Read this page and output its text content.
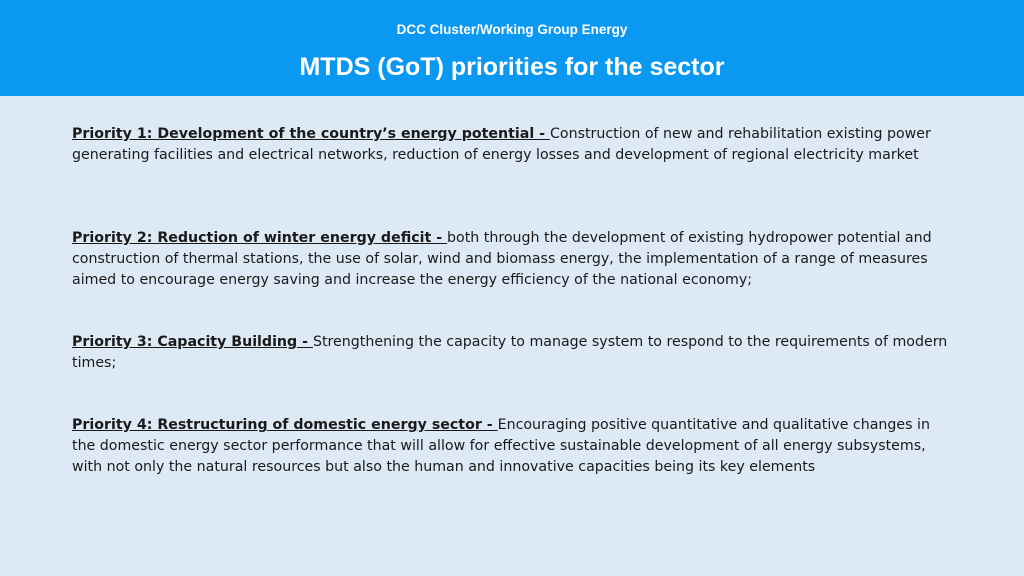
DCC Cluster/Working Group Energy
MTDS (GoT) priorities for the sector
Priority 1: Development of the country’s energy potential - Construction of new and rehabilitation existing power generating facilities and electrical networks, reduction of energy losses and development of regional electricity market
Priority 2: Reduction of winter energy deficit - both through the development of existing hydropower potential and construction of thermal stations, the use of solar, wind and biomass energy, the implementation of a range of measures aimed to encourage energy saving and increase the energy efficiency of the national economy;
Priority 3: Capacity Building - Strengthening the capacity to manage system to respond to the requirements of modern times;
Priority 4: Restructuring of domestic energy sector - Encouraging positive quantitative and qualitative changes in the domestic energy sector performance that will allow for effective sustainable development of all energy subsystems, with not only the natural resources but also the human and innovative capacities being its key elements
